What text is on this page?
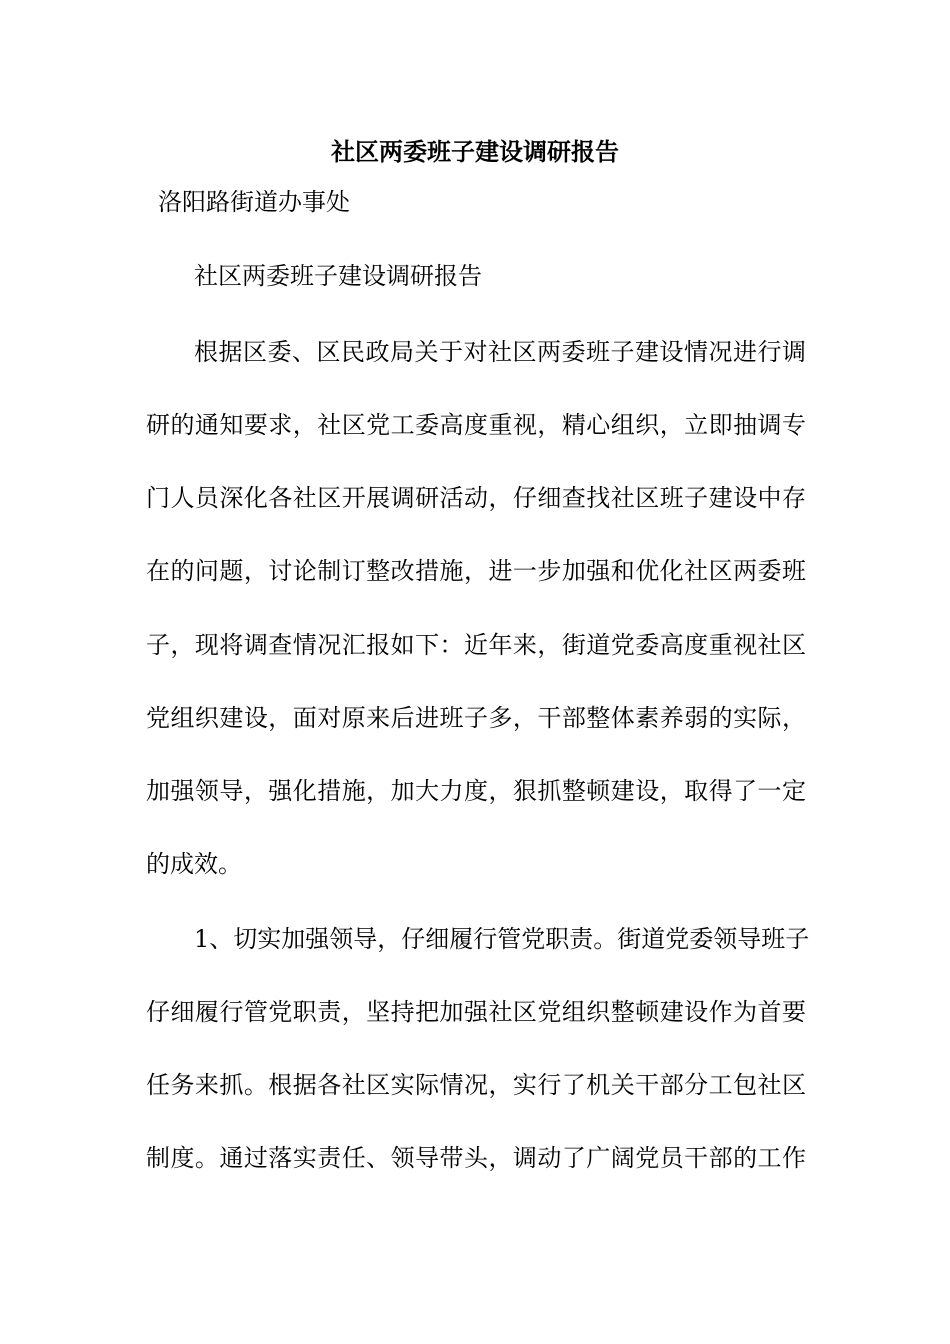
社区两委班子建设调研报告
洛阳路街道办事处
社区两委班子建设调研报告
根据区委、区民政局关于对社区两委班子建设情况进行调
研的通知要求，社区党工委高度重视，精心组织，立即抽调专
门人员深化各社区开展调研活动，仔细查找社区班子建设中存
在的问题，讨论制订整改措施，进一步加强和优化社区两委班
子，现将调查情况汇报如下：近年来，街道党委高度重视社区
党组织建设，面对原来后进班子多，干部整体素养弱的实际，
加强领导，强化措施，加大力度，狠抓整顿建设，取得了一定
的成效。
1、切实加强领导，仔细履行管党职责。街道党委领导班子
仔细履行管党职责，坚持把加强社区党组织整顿建设作为首要
任务来抓。根据各社区实际情况，实行了机关干部分工包社区
制度。通过落实责任、领导带头，调动了广阔党员干部的工作
